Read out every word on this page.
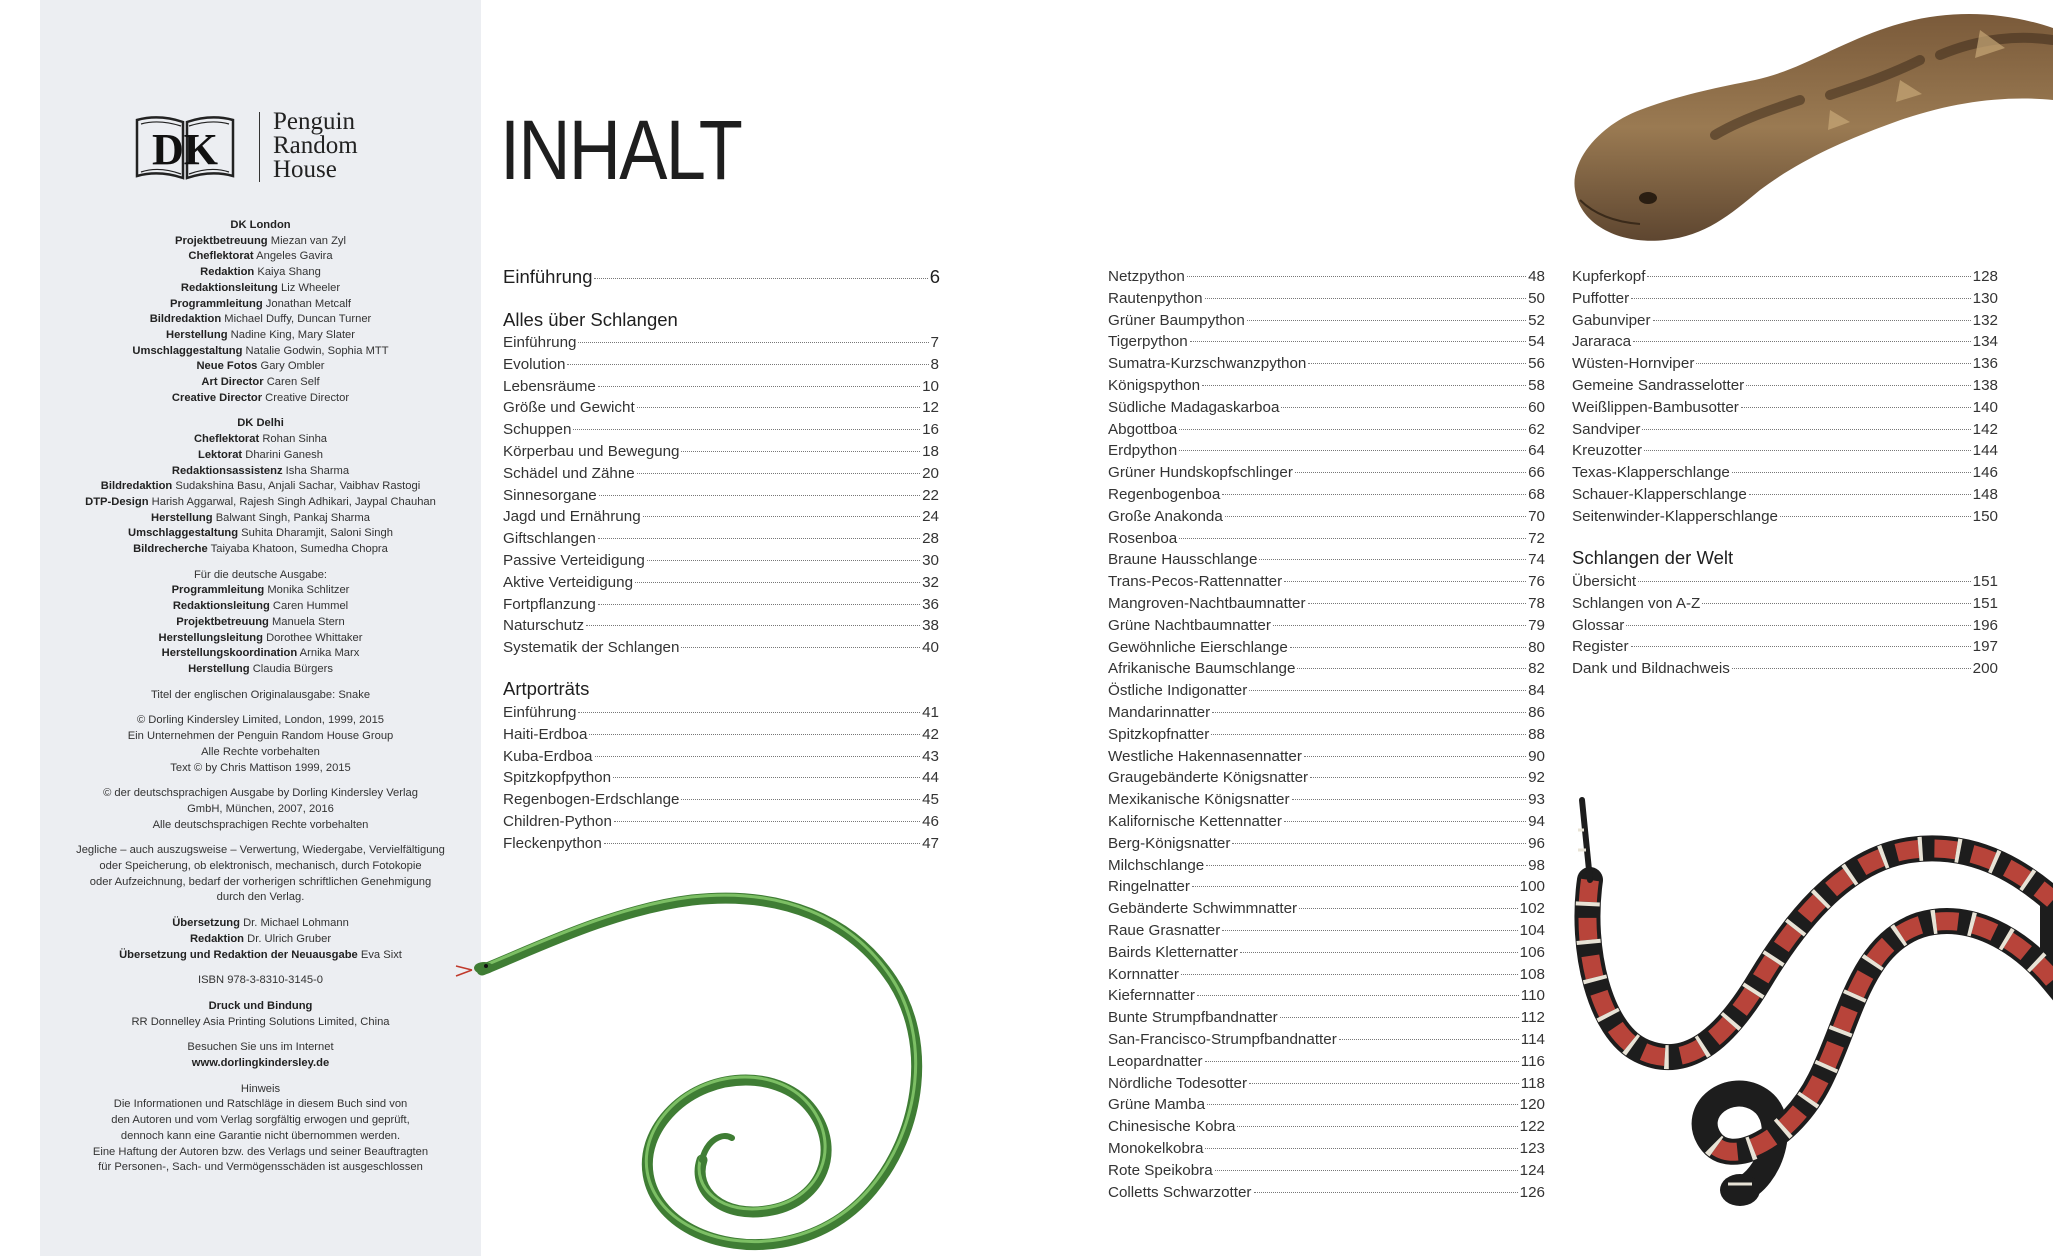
DK
Penguin
Random
House
DK London
Projektbetreuung Miezan van Zyl
Cheflektorat Angeles Gavira
Redaktion Kaiya Shang
Redaktionsleitung Liz Wheeler
Programmleitung Jonathan Metcalf
Bildredaktion Michael Duffy, Duncan Turner
Herstellung Nadine King, Mary Slater
Umschlaggestaltung Natalie Godwin, Sophia MTT
Neue Fotos Gary Ombler
Art Director Caren Self
Creative Director Creative Director
DK Delhi
Cheflektorat Rohan Sinha
Lektorat Dharini Ganesh
Redaktionsassistenz Isha Sharma
Bildredaktion Sudakshina Basu, Anjali Sachar, Vaibhav Rastogi
DTP-Design Harish Aggarwal, Rajesh Singh Adhikari, Jaypal Chauhan
Herstellung Balwant Singh, Pankaj Sharma
Umschlaggestaltung Suhita Dharamjit, Saloni Singh
Bildrecherche Taiyaba Khatoon, Sumedha Chopra
Für die deutsche Ausgabe:
Programmleitung Monika Schlitzer
Redaktionsleitung Caren Hummel
Projektbetreuung Manuela Stern
Herstellungsleitung Dorothee Whittaker
Herstellungskoordination Arnika Marx
Herstellung Claudia Bürgers
Titel der englischen Originalausgabe: Snake
© Dorling Kindersley Limited, London, 1999, 2015
Ein Unternehmen der Penguin Random House Group
Alle Rechte vorbehalten
Text © by Chris Mattison 1999, 2015
© der deutschsprachigen Ausgabe by Dorling Kindersley Verlag
GmbH, München, 2007, 2016
Alle deutschsprachigen Rechte vorbehalten
Jegliche – auch auszugsweise – Verwertung, Wiedergabe, Vervielfältigung
oder Speicherung, ob elektronisch, mechanisch, durch Fotokopie
oder Aufzeichnung, bedarf der vorherigen schriftlichen Genehmigung
durch den Verlag.
Übersetzung Dr. Michael Lohmann
Redaktion Dr. Ulrich Gruber
Übersetzung und Redaktion der Neuausgabe Eva Sixt
ISBN 978-3-8310-3145-0
Druck und Bindung
RR Donnelley Asia Printing Solutions Limited, China
Besuchen Sie uns im Internet
www.dorlingkindersley.de
Hinweis
Die Informationen und Ratschläge in diesem Buch sind von
den Autoren und vom Verlag sorgfältig erwogen und geprüft,
dennoch kann eine Garantie nicht übernommen werden.
Eine Haftung der Autoren bzw. des Verlags und seiner Beauftragten
für Personen-, Sach- und Vermögensschäden ist ausgeschlossen
INHALT
Einführung	6
Alles über Schlangen
Einführung	7
Evolution	8
Lebensräume	10
Größe und Gewicht	12
Schuppen	16
Körperbau und Bewegung	18
Schädel und Zähne	20
Sinnesorgane	22
Jagd und Ernährung	24
Giftschlangen	28
Passive Verteidigung	30
Aktive Verteidigung	32
Fortpflanzung	36
Naturschutz	38
Systematik der Schlangen	40
Artporträts
Einführung	41
Haiti-Erdboa	42
Kuba-Erdboa	43
Spitzkopfpython	44
Regenbogen-Erdschlange	45
Children-Python	46
Fleckenpython	47
Netzpython	48
Rautenpython	50
Grüner Baumpython	52
Tigerpython	54
Sumatra-Kurzschwanzpython	56
Königspython	58
Südliche Madagaskarboa	60
Abgottboa	62
Erdpython	64
Grüner Hundskopfschlinger	66
Regenbogenboa	68
Große Anakonda	70
Rosenboa	72
Braune Hausschlange	74
Trans-Pecos-Rattennatter	76
Mangroven-Nachtbaumnatter	78
Grüne Nachtbaumnatter	79
Gewöhnliche Eierschlange	80
Afrikanische Baumschlange	82
Östliche Indigonatter	84
Mandarinnatter	86
Spitzkopfnatter	88
Westliche Hakennasennatter	90
Graugebänderte Königsnatter	92
Mexikanische Königsnatter	93
Kalifornische Kettennatter	94
Berg-Königsnatter	96
Milchschlange	98
Ringelnatter	100
Gebänderte Schwimmnatter	102
Raue Grasnatter	104
Bairds Kletternatter	106
Kornnatter	108
Kiefernnatter	110
Bunte Strumpfbandnatter	112
San-Francisco-Strumpfbandnatter	114
Leopardnatter	116
Nördliche Todesotter	118
Grüne Mamba	120
Chinesische Kobra	122
Monokelkobra	123
Rote Speikobra	124
Colletts Schwarzotter	126
Kupferkopf	128
Puffotter	130
Gabunviper	132
Jararaca	134
Wüsten-Hornviper	136
Gemeine Sandrasselotter	138
Weißlippen-Bambusotter	140
Sandviper	142
Kreuzotter	144
Texas-Klapperschlange	146
Schauer-Klapperschlange	148
Seitenwinder-Klapperschlange	150
Schlangen der Welt
Übersicht	151
Schlangen von A-Z	151
Glossar	196
Register	197
Dank und Bildnachweis	200
